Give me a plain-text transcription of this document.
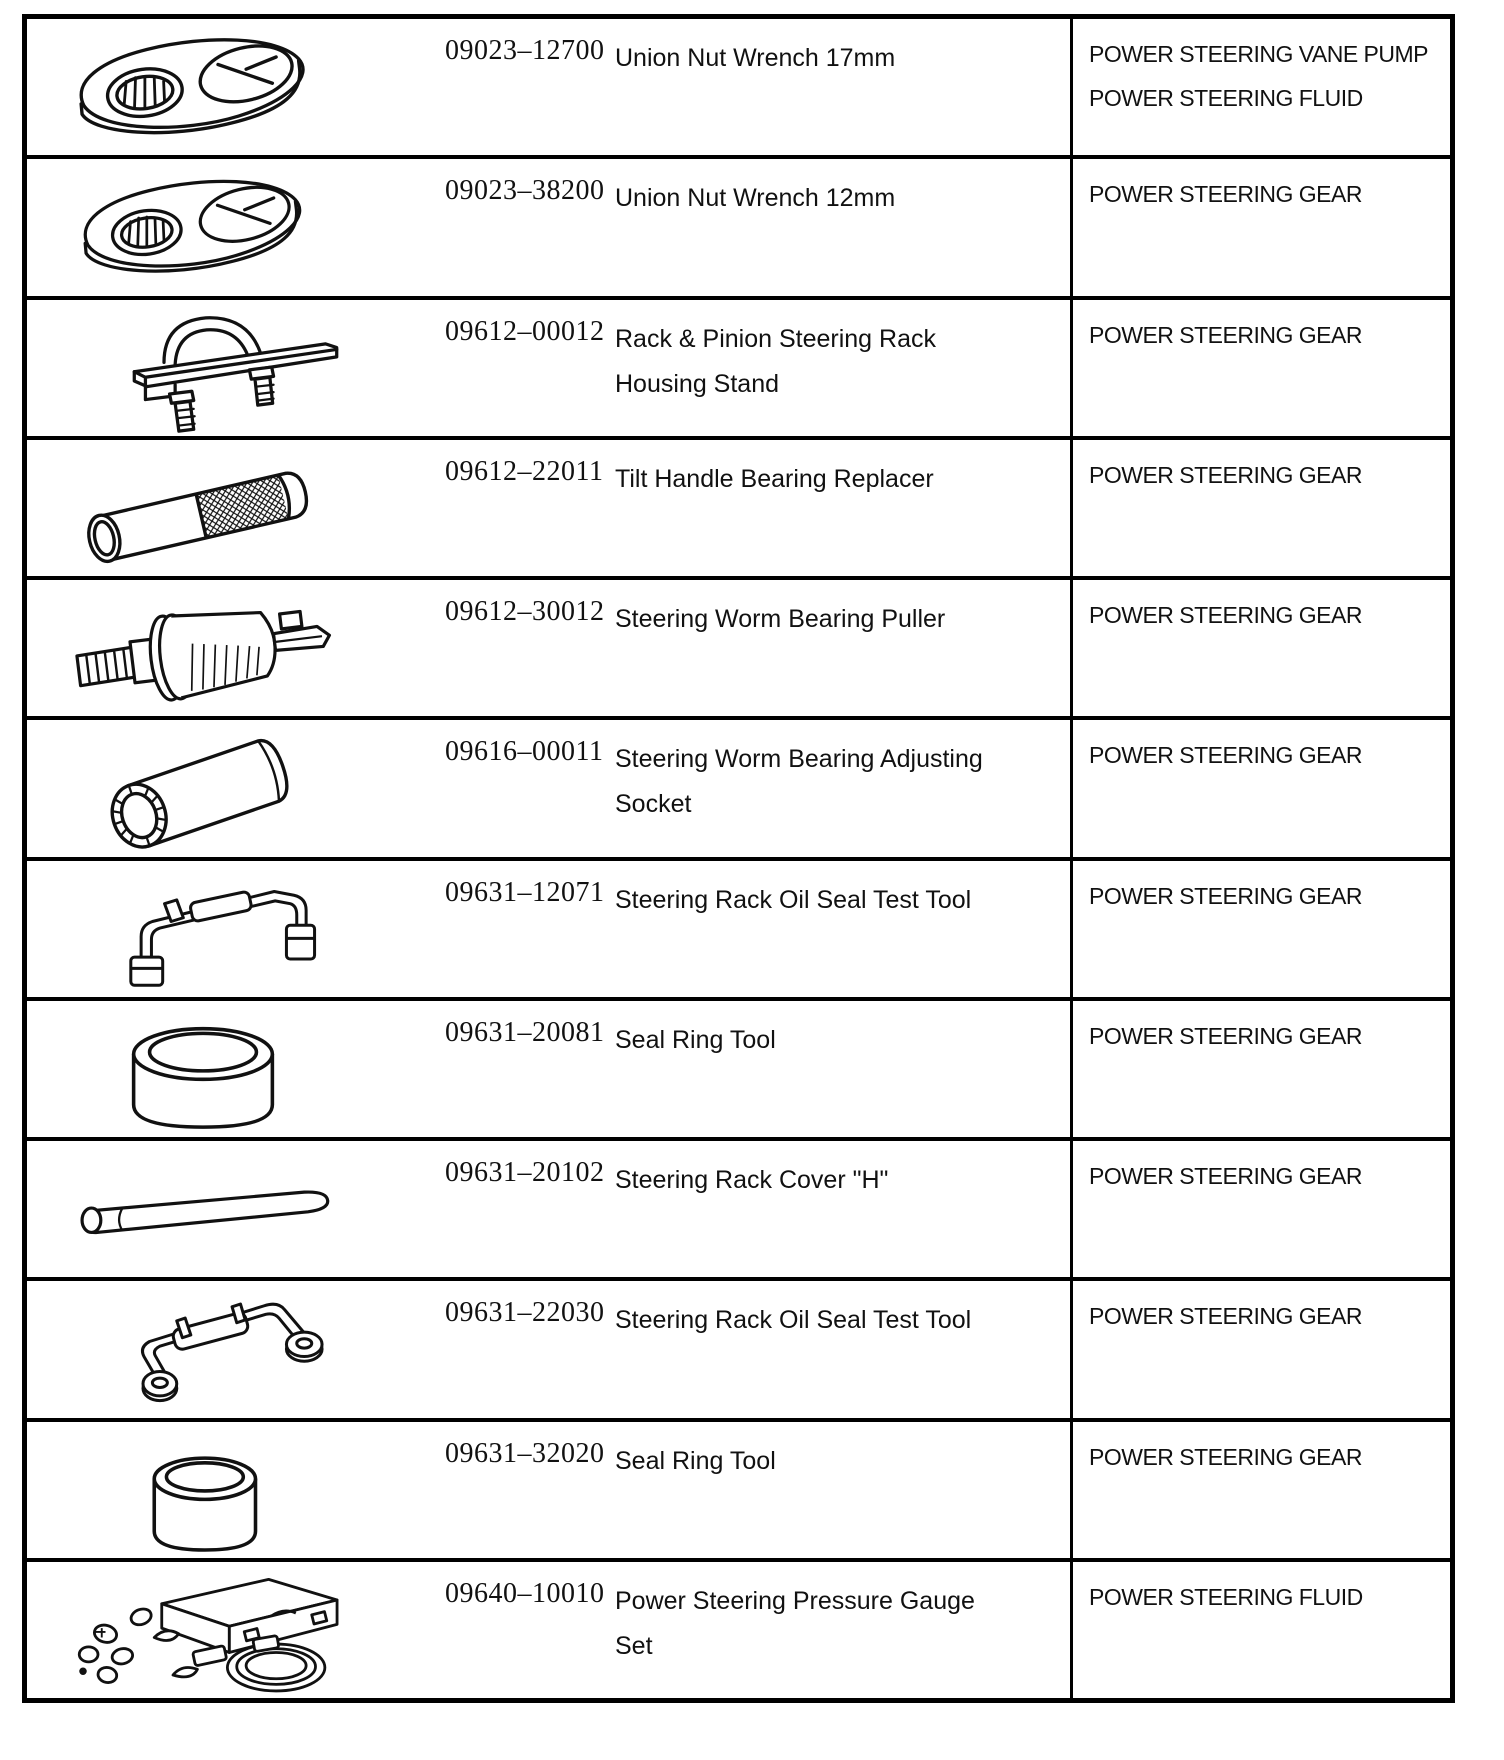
09023–12700 Union Nut Wrench 17mm	POWER STEERING VANE PUMP
POWER STEERING FLUID
09023–38200 Union Nut Wrench 12mm	POWER STEERING GEAR
09612–00012 Rack & Pinion Steering Rack
Housing Stand
POWER STEERING GEAR
09612–22011 Tilt Handle Bearing Replacer	POWER STEERING GEAR
09612–30012 Steering Worm Bearing Puller	POWER STEERING GEAR
09616–00011 Steering Worm Bearing Adjusting
Socket
POWER STEERING GEAR
09631–12071 Steering Rack Oil Seal Test Tool	POWER STEERING GEAR
09631–20081 Seal Ring Tool	POWER STEERING GEAR
09631–20102 Steering Rack Cover "H"	POWER STEERING GEAR
09631–22030 Steering Rack Oil Seal Test Tool	POWER STEERING GEAR
09631–32020 Seal Ring Tool	POWER STEERING GEAR
09640–10010 Power Steering Pressure Gauge
Set
POWER STEERING FLUID
